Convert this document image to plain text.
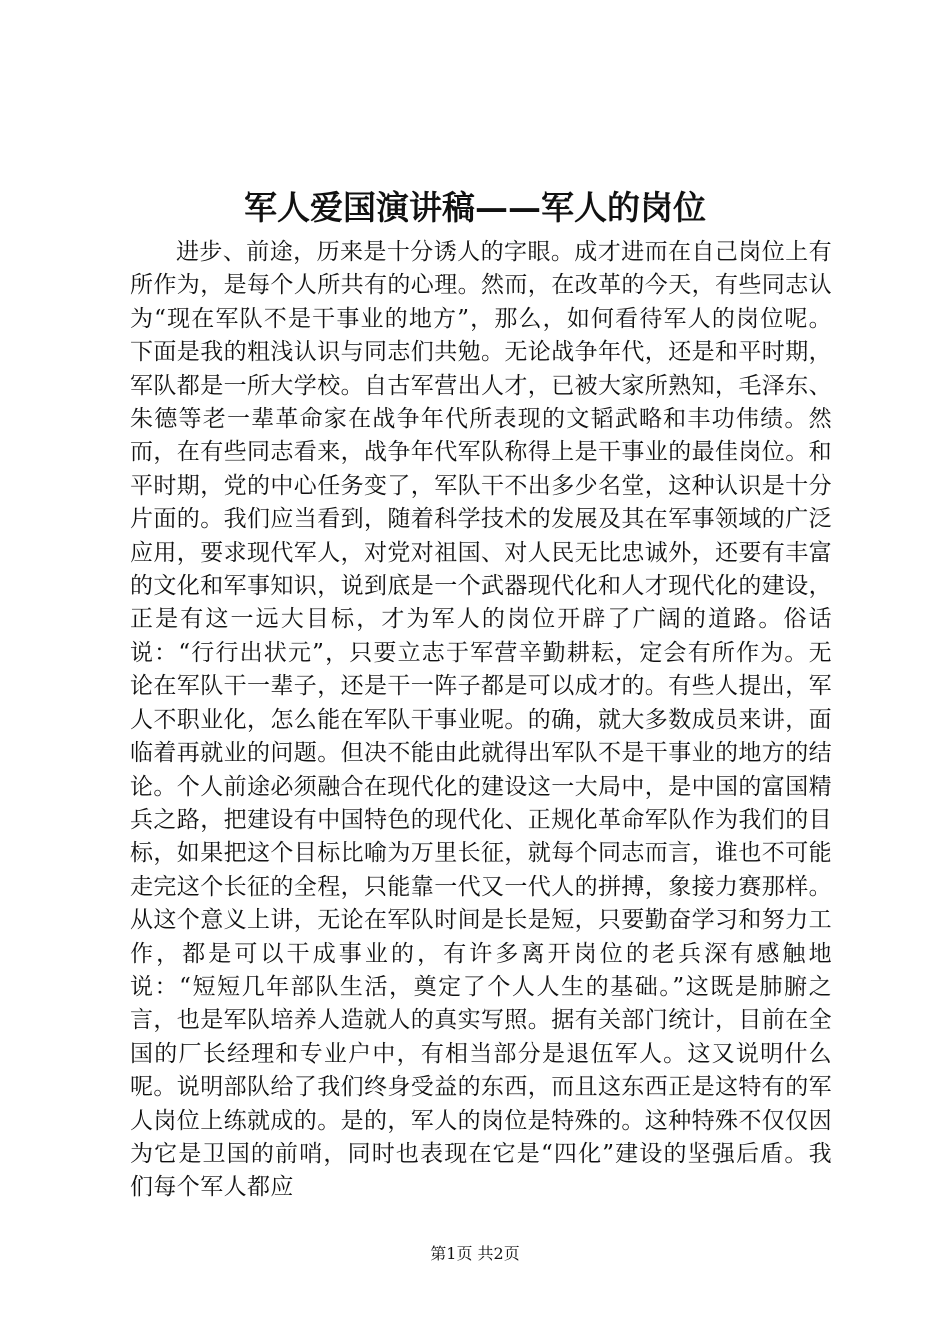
军人爱国演讲稿——军人的岗位

进步、前途，历来是十分诱人的字眼。成才进而在自己岗位上有所作为，是每个人所共有的心理。然而，在改革的今天，有些同志认为“现在军队不是干事业的地方”，那么，如何看待军人的岗位呢。下面是我的粗浅认识与同志们共勉。无论战争年代，还是和平时期，军队都是一所大学校。自古军营出人才，已被大家所熟知，毛泽东、朱德等老一辈革命家在战争年代所表现的文韬武略和丰功伟绩。然而，在有些同志看来，战争年代军队称得上是干事业的最佳岗位。和平时期，党的中心任务变了，军队干不出多少名堂，这种认识是十分片面的。我们应当看到，随着科学技术的发展及其在军事领域的广泛应用，要求现代军人，对党对祖国、对人民无比忠诚外，还要有丰富的文化和军事知识，说到底是一个武器现代化和人才现代化的建设，正是有这一远大目标，才为军人的岗位开辟了广阔的道路。俗话说：“行行出状元”，只要立志于军营辛勤耕耘，定会有所作为。无论在军队干一辈子，还是干一阵子都是可以成才的。有些人提出，军人不职业化，怎么能在军队干事业呢。的确，就大多数成员来讲，面临着再就业的问题。但决不能由此就得出军队不是干事业的地方的结论。个人前途必须融合在现代化的建设这一大局中，是中国的富国精兵之路，把建设有中国特色的现代化、正规化革命军队作为我们的目标，如果把这个目标比喻为万里长征，就每个同志而言，谁也不可能走完这个长征的全程，只能靠一代又一代人的拼搏，象接力赛那样。从这个意义上讲，无论在军队时间是长是短，只要勤奋学习和努力工作，都是可以干成事业的，有许多离开岗位的老兵深有感触地说：“短短几年部队生活，奠定了个人人生的基础。”这既是肺腑之言，也是军队培养人造就人的真实写照。据有关部门统计，目前在全国的厂长经理和专业户中，有相当部分是退伍军人。这又说明什么呢。说明部队给了我们终身受益的东西，而且这东西正是这特有的军人岗位上练就成的。是的，军人的岗位是特殊的。这种特殊不仅仅因为它是卫国的前哨，同时也表现在它是“四化”建设的坚强后盾。我们每个军人都应

第1页 共2页
